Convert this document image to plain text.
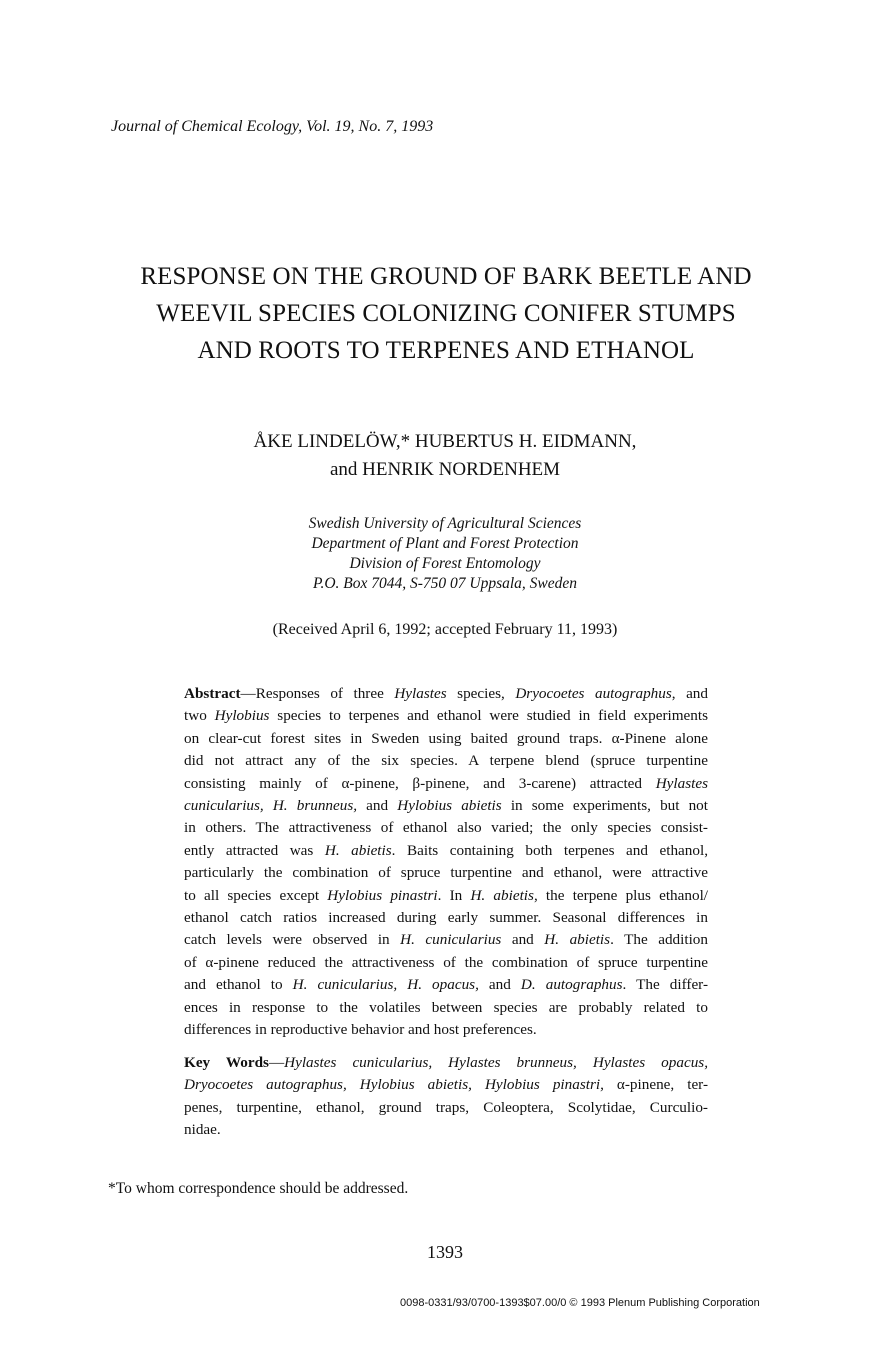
Journal of Chemical Ecology, Vol. 19, No. 7, 1993
RESPONSE ON THE GROUND OF BARK BEETLE AND
WEEVIL SPECIES COLONIZING CONIFER STUMPS
AND ROOTS TO TERPENES AND ETHANOL
ÅKE LINDELÖW,* HUBERTUS H. EIDMANN,
and HENRIK NORDENHEM
Swedish University of Agricultural Sciences
Department of Plant and Forest Protection
Division of Forest Entomology
P.O. Box 7044, S-750 07 Uppsala, Sweden
(Received April 6, 1992; accepted February 11, 1993)
Abstract—Responses of three Hylastes species, Dryocoetes autographus, and
two Hylobius species to terpenes and ethanol were studied in field experiments
on clear-cut forest sites in Sweden using baited ground traps. α-Pinene alone
did not attract any of the six species. A terpene blend (spruce turpentine
consisting mainly of α-pinene, β-pinene, and 3-carene) attracted Hylastes
cunicularius, H. brunneus, and Hylobius abietis in some experiments, but not
in others. The attractiveness of ethanol also varied; the only species consist-
ently attracted was H. abietis. Baits containing both terpenes and ethanol,
particularly the combination of spruce turpentine and ethanol, were attractive
to all species except Hylobius pinastri. In H. abietis, the terpene plus ethanol/
ethanol catch ratios increased during early summer. Seasonal differences in
catch levels were observed in H. cunicularius and H. abietis. The addition
of α-pinene reduced the attractiveness of the combination of spruce turpentine
and ethanol to H. cunicularius, H. opacus, and D. autographus. The differ-
ences in response to the volatiles between species are probably related to
differences in reproductive behavior and host preferences.
Key Words—Hylastes cunicularius, Hylastes brunneus, Hylastes opacus,
Dryocoetes autographus, Hylobius abietis, Hylobius pinastri, α-pinene, ter-
penes, turpentine, ethanol, ground traps, Coleoptera, Scolytidae, Curculio-
nidae.
*To whom correspondence should be addressed.
1393
0098-0331/93/0700-1393$07.00/0 © 1993 Plenum Publishing Corporation
